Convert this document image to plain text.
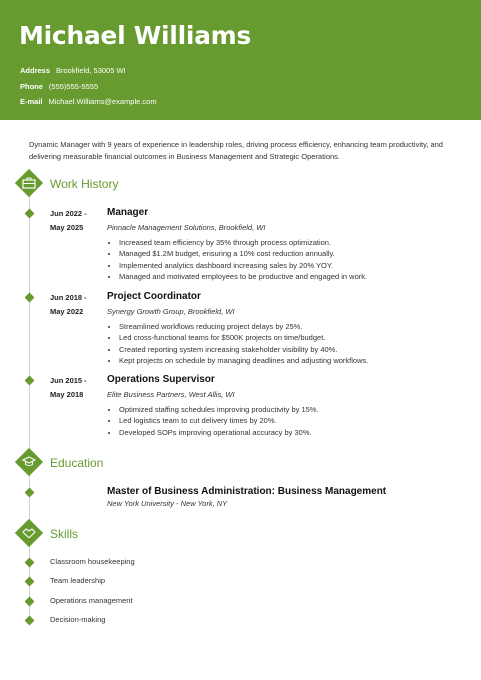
Michael Williams
Address Brookfield, 53005 WI
Phone (555)555-5555
E-mail Michael.Williams@example.com
Dynamic Manager with 9 years of experience in leadership roles, driving process efficiency, enhancing team productivity, and delivering measurable financial outcomes in Business Management and Strategic Operations.
Work History
Jun 2022 -
May 2025
Manager
Pinnacle Management Solutions, Brookfield, WI
• Increased team efficiency by 35% through process optimization.
• Managed $1.2M budget, ensuring a 10% cost reduction annually.
• Implemented analytics dashboard increasing sales by 20% YOY.
• Managed and motivated employees to be productive and engaged in work.
Jun 2018 -
May 2022
Project Coordinator
Synergy Growth Group, Brookfield, WI
• Streamlined workflows reducing project delays by 25%.
• Led cross-functional teams for $500K projects on time/budget.
• Created reporting system increasing stakeholder visibility by 40%.
• Kept projects on schedule by managing deadlines and adjusting workflows.
Jun 2015 -
May 2018
Operations Supervisor
Elite Business Partners, West Allis, WI
• Optimized staffing schedules improving productivity by 15%.
• Led logistics team to cut delivery times by 20%.
• Developed SOPs improving operational accuracy by 30%.
Education
Master of Business Administration: Business Management
New York University - New York, NY
Skills
Classroom housekeeping
Team leadership
Operations management
Decision-making
